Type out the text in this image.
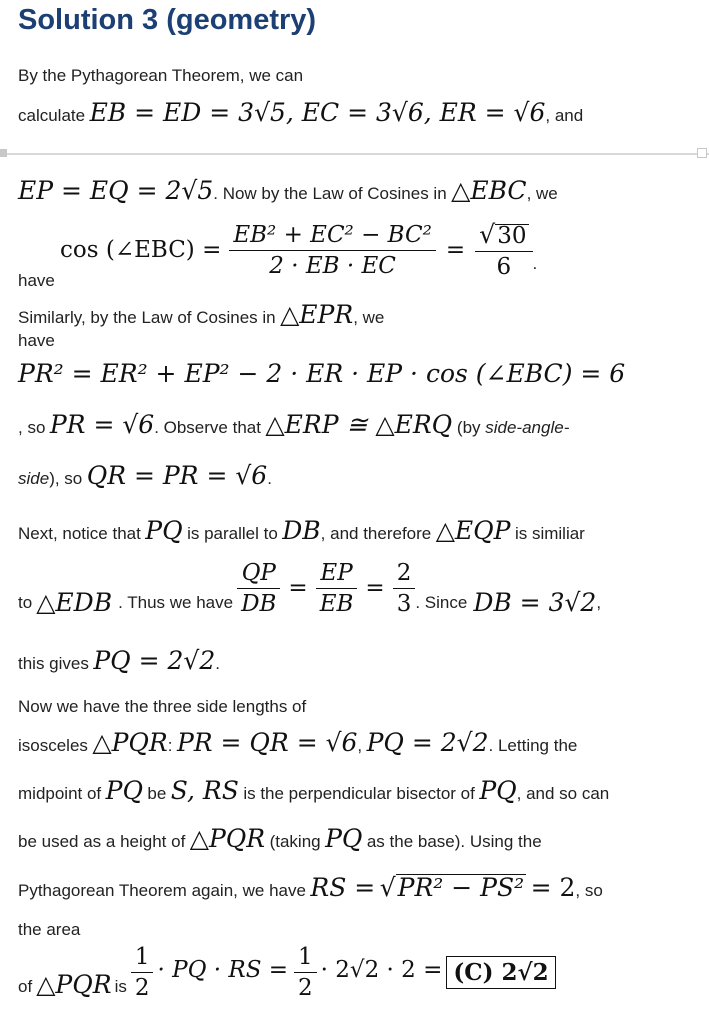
Solution 3 (geometry)
By the Pythagorean Theorem, we can
calculate EB = ED = 3√5, EC = 3√6, ER = √6, and
EP = EQ = 2√5. Now by the Law of Cosines in △EBC, we
have
cos (∠EBC) = $\frac{\text{EB² + EC² − BC²}}{2 \cdot EB \cdot EC} = \frac{√30}{6}$ .
Similarly, by the Law of Cosines in △EPR, we
have
PR² = ER² + EP² − 2 · ER · EP · cos (∠EBC) = 6
, so PR = √6. Observe that △ERP ≅ △ERQ (by side-angle-
side), so QR = PR = √6.
Next, notice that PQ is parallel to DB, and therefore △EQP is similiar
to △EDB . Thus we have $\frac{QP}{DB} = \frac{EP}{EB} = \frac{2}{3}$ . Since DB = 3√2 ,
this gives PQ = 2√2.
Now we have the three side lengths of
isosceles △PQR: PR = QR = √6, PQ = 2√2. Letting the
midpoint of PQ be S, RS is the perpendicular bisector of PQ, and so can
be used as a height of △PQR (taking PQ as the base). Using the
Pythagorean Theorem again, we have RS = √PR² − PS² = 2, so
the area
of △PQR is $\frac{1}{2}$ · PQ · RS = $\frac{1}{2} \cdot 2√2 \cdot 2 = (C)$ 2√2
